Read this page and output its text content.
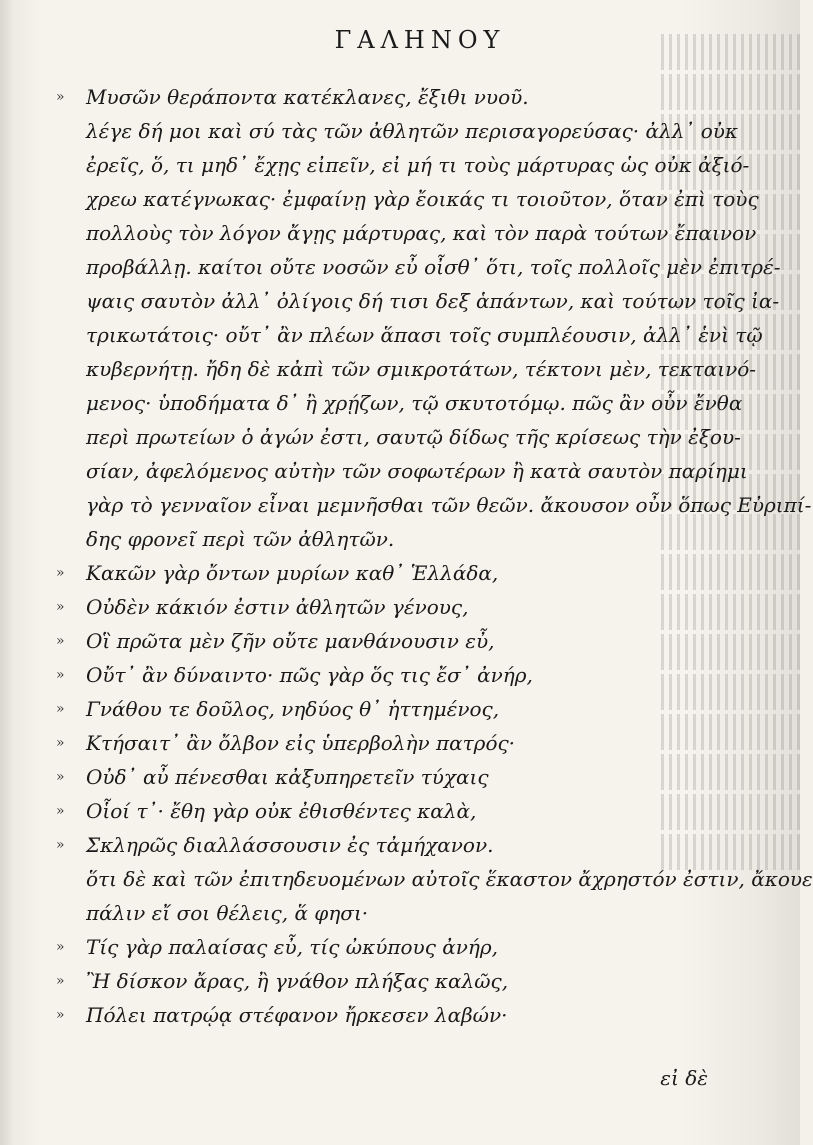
ΓΑΛΗΝΟΥ
» Μυσῶν θεράποντα κατέκλανες, ἔξιθι νυοῦ.
λέγε δή μοι καὶ σύ τὰς τῶν ἀθλητῶν περισαγορεύσας· ἀλλ᾽ οὐκ
ἐρεῖς, ὅ, τι μηδ᾽ ἔχῃς εἰπεῖν, εἰ μή τι τοὺς μάρτυρας ὡς οὐκ ἀξιό-
χρεω κατέγνωκας· ἐμφαίνῃ γὰρ ἔοικάς τι τοιοῦτον, ὅταν ἐπὶ τοὺς
πολλοὺς τὸν λόγον ἄγῃς μάρτυρας, καὶ τὸν παρὰ τούτων ἔπαινον
προβάλλῃ. καίτοι οὔτε νοσῶν εὖ οἶσθ᾽ ὅτι, τοῖς πολλοῖς μὲν ἐπιτρέ-
ψαις σαυτὸν ἀλλ᾽ ὀλίγοις δή τισι δεξ ἁπάντων, καὶ τούτων τοῖς ἰα-
τρικωτάτοις· οὔτ᾽ ἂν πλέων ἅπασι τοῖς συμπλέουσιν, ἀλλ᾽ ἑνὶ τῷ
κυβερνήτῃ. ἤδη δὲ κἀπὶ τῶν σμικροτάτων, τέκτονι μὲν, τεκταινό-
μενος· ὑποδήματα δ᾽ ἢ χρῄζων, τῷ σκυτοτόμῳ. πῶς ἂν οὖν ἔνθα
περὶ πρωτείων ὁ ἀγών ἐστι, σαυτῷ δίδως τῆς κρίσεως τὴν ἐξου-
σίαν, ἀφελόμενος αὐτὴν τῶν σοφωτέρων ἢ κατὰ σαυτὸν παρίημι
γὰρ τὸ γενναῖον εἶναι μεμνῆσθαι τῶν θεῶν. ἄκουσον οὖν ὅπως Εὐριπί-
δης φρονεῖ περὶ τῶν ἀθλητῶν.
» Κακῶν γὰρ ὄντων μυρίων καθ᾽ Ἑλλάδα,
» Οὐδὲν κάκιόν ἐστιν ἀθλητῶν γένους,
» Οἳ πρῶτα μὲν ζῆν οὔτε μανθάνουσιν εὖ,
» Οὔτ᾽ ἂν δύναιντο· πῶς γὰρ ὅς τις ἔσ᾽ ἀνήρ,
» Γνάθου τε δοῦλος, νηδύος θ᾽ ἡττημένος,
» Κτήσαιτ᾽ ἂν ὄλβον εἰς ὑπερβολὴν πατρός·
» Οὐδ᾽ αὖ πένεσθαι κἀξυπηρετεῖν τύχαις
» Οἷοί τ᾽· ἔθη γὰρ οὐκ ἐθισθέντες καλὰ,
» Σκληρῶς διαλλάσσουσιν ἐς τἀμήχανον.
ὅτι δὲ καὶ τῶν ἐπιτηδευομένων αὐτοῖς ἕκαστον ἄχρηστόν ἐστιν, ἄκουε
πάλιν εἴ σοι θέλεις, ἅ φησι·
» Τίς γὰρ παλαίσας εὖ, τίς ὠκύπους ἀνήρ,
» Ἢ δίσκον ἄρας, ἢ γνάθον πλήξας καλῶς,
» Πόλει πατρῴᾳ στέφανον ἤρκεσεν λαβών·
εἰ δὲ
